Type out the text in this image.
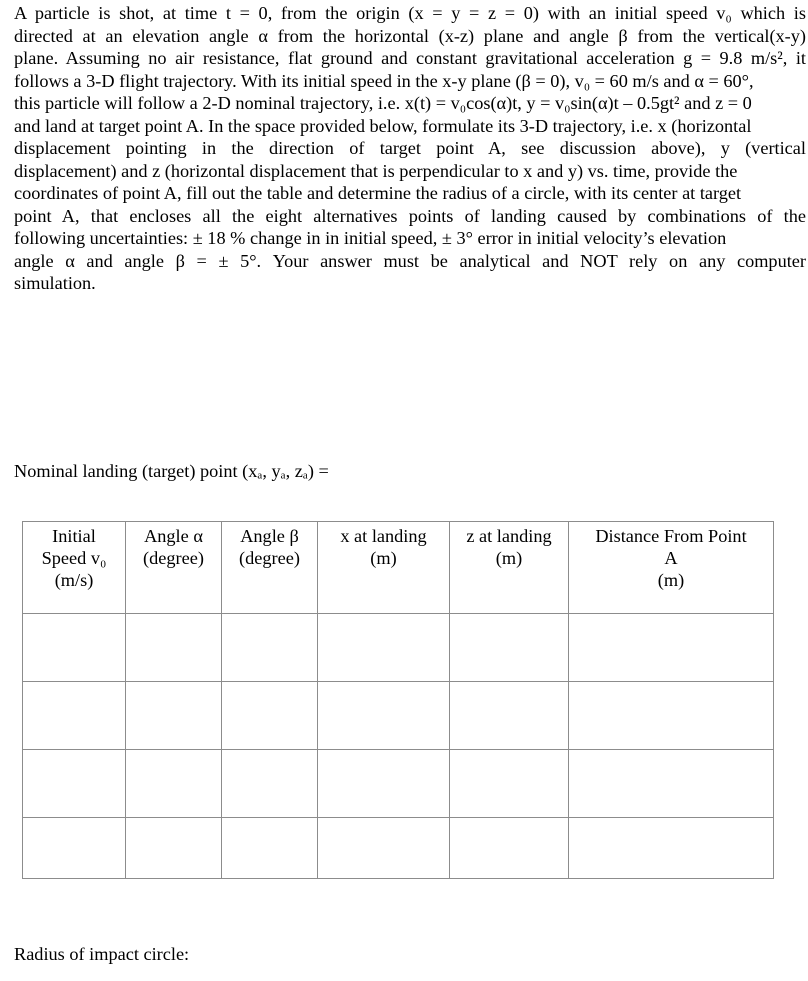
A particle is shot, at time t = 0, from the origin (x = y = z = 0) with an initial speed v₀ which is
directed at an elevation angle α from the horizontal (x-z) plane and angle β from the vertical(x-y)
plane. Assuming no air resistance, flat ground and constant gravitational acceleration g = 9.8 m/s², it
follows a 3-D flight trajectory. With its initial speed in the x-y plane (β = 0), v₀ = 60 m/s and α = 60°,
this particle will follow a 2-D nominal trajectory, i.e. x(t) = v₀cos(α)t, y = v₀sin(α)t – 0.5gt² and z = 0
and land at target point A. In the space provided below, formulate its 3-D trajectory, i.e. x (horizontal
displacement pointing in the direction of target point A, see discussion above), y (vertical
displacement) and z (horizontal displacement that is perpendicular to x and y) vs. time, provide the
coordinates of point A, fill out the table and determine the radius of a circle, with its center at target
point A, that encloses all the eight alternatives points of landing caused by combinations of the
following uncertainties: ± 18 % change in in initial speed, ± 3° error in initial velocity’s elevation
angle α and angle β = ± 5°. Your answer must be analytical and NOT rely on any computer
simulation.

Nominal landing (target) point (xₐ, yₐ, zₐ) =

Initial
Speed v₀
(m/s)	Angle α
(degree)	Angle β
(degree)	x at landing
(m)	z at landing
(m)	Distance From Point
A
(m)

Radius of impact circle:
